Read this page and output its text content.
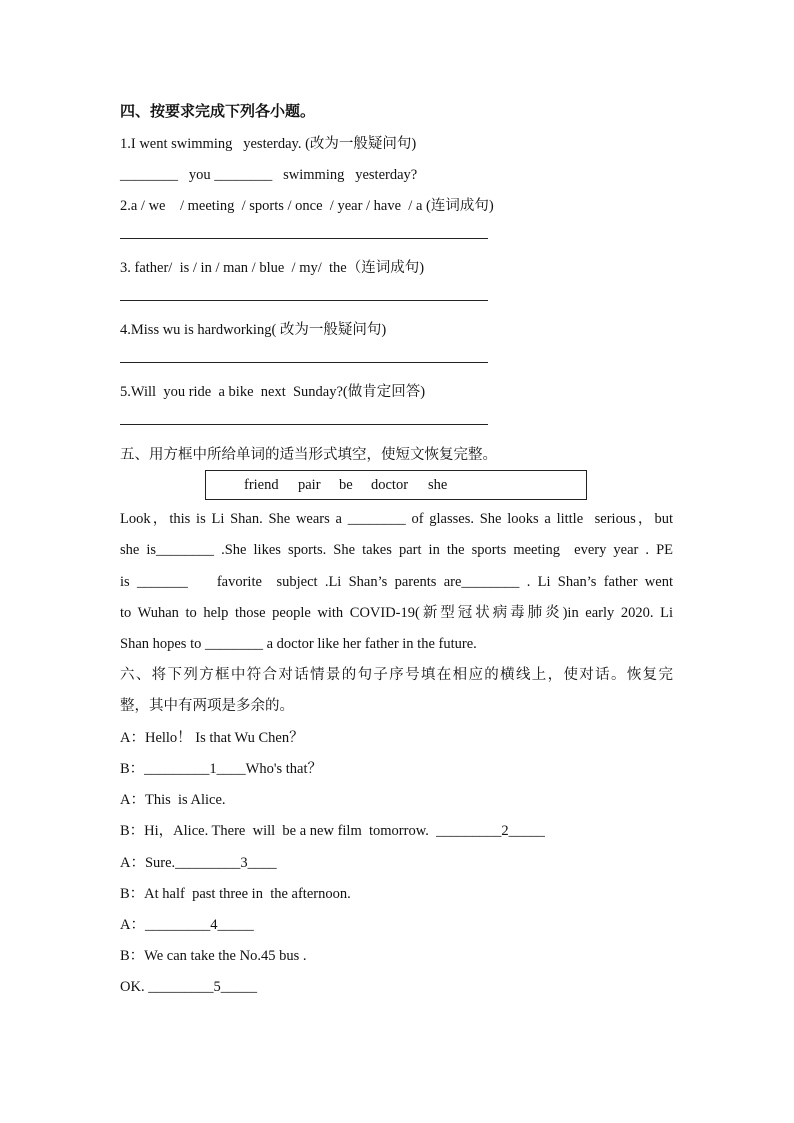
四、按要求完成下列各小题。
1.I went swimming   yesterday. (改为一般疑问句)
________   you ________   swimming   yesterday?
2.a / we    / meeting  / sports / once  / year / have  / a (连词成句)
3. father/  is / in / man / blue  / my/  the（连词成句)
4.Miss wu is hardworking( 改为一般疑问句)
5.Will  you ride  a bike  next  Sunday?(做肯定回答)
五、用方框中所给单词的适当形式填空，使短文恢复完整。
friend pair be doctor she
Look，this is Li Shan. She wears a ________ of glasses. She looks a little  serious，but
she is________ .She likes sports. She takes part in the sports meeting  every year . PE
is _______    favorite  subject .Li Shan’s parents are________ . Li Shan’s father went
to Wuhan to help those people with COVID-19(新型冠状病毒肺炎)in early 2020. Li
Shan hopes to ________ a doctor like her father in the future.
六、将下列方框中符合对话情景的句子序号填在相应的横线上，使对话。恢复完
整，其中有两项是多余的。
A：Hello！ Is that Wu Chen？
B：_________1____Who's that？
A：This  is Alice.
B：Hi，Alice. There  will  be a new film  tomorrow.  _________2_____
A：Sure._________3____
B：At half  past three in  the afternoon.
A：_________4_____
B：We can take the No.45 bus .
OK. _________5_____
